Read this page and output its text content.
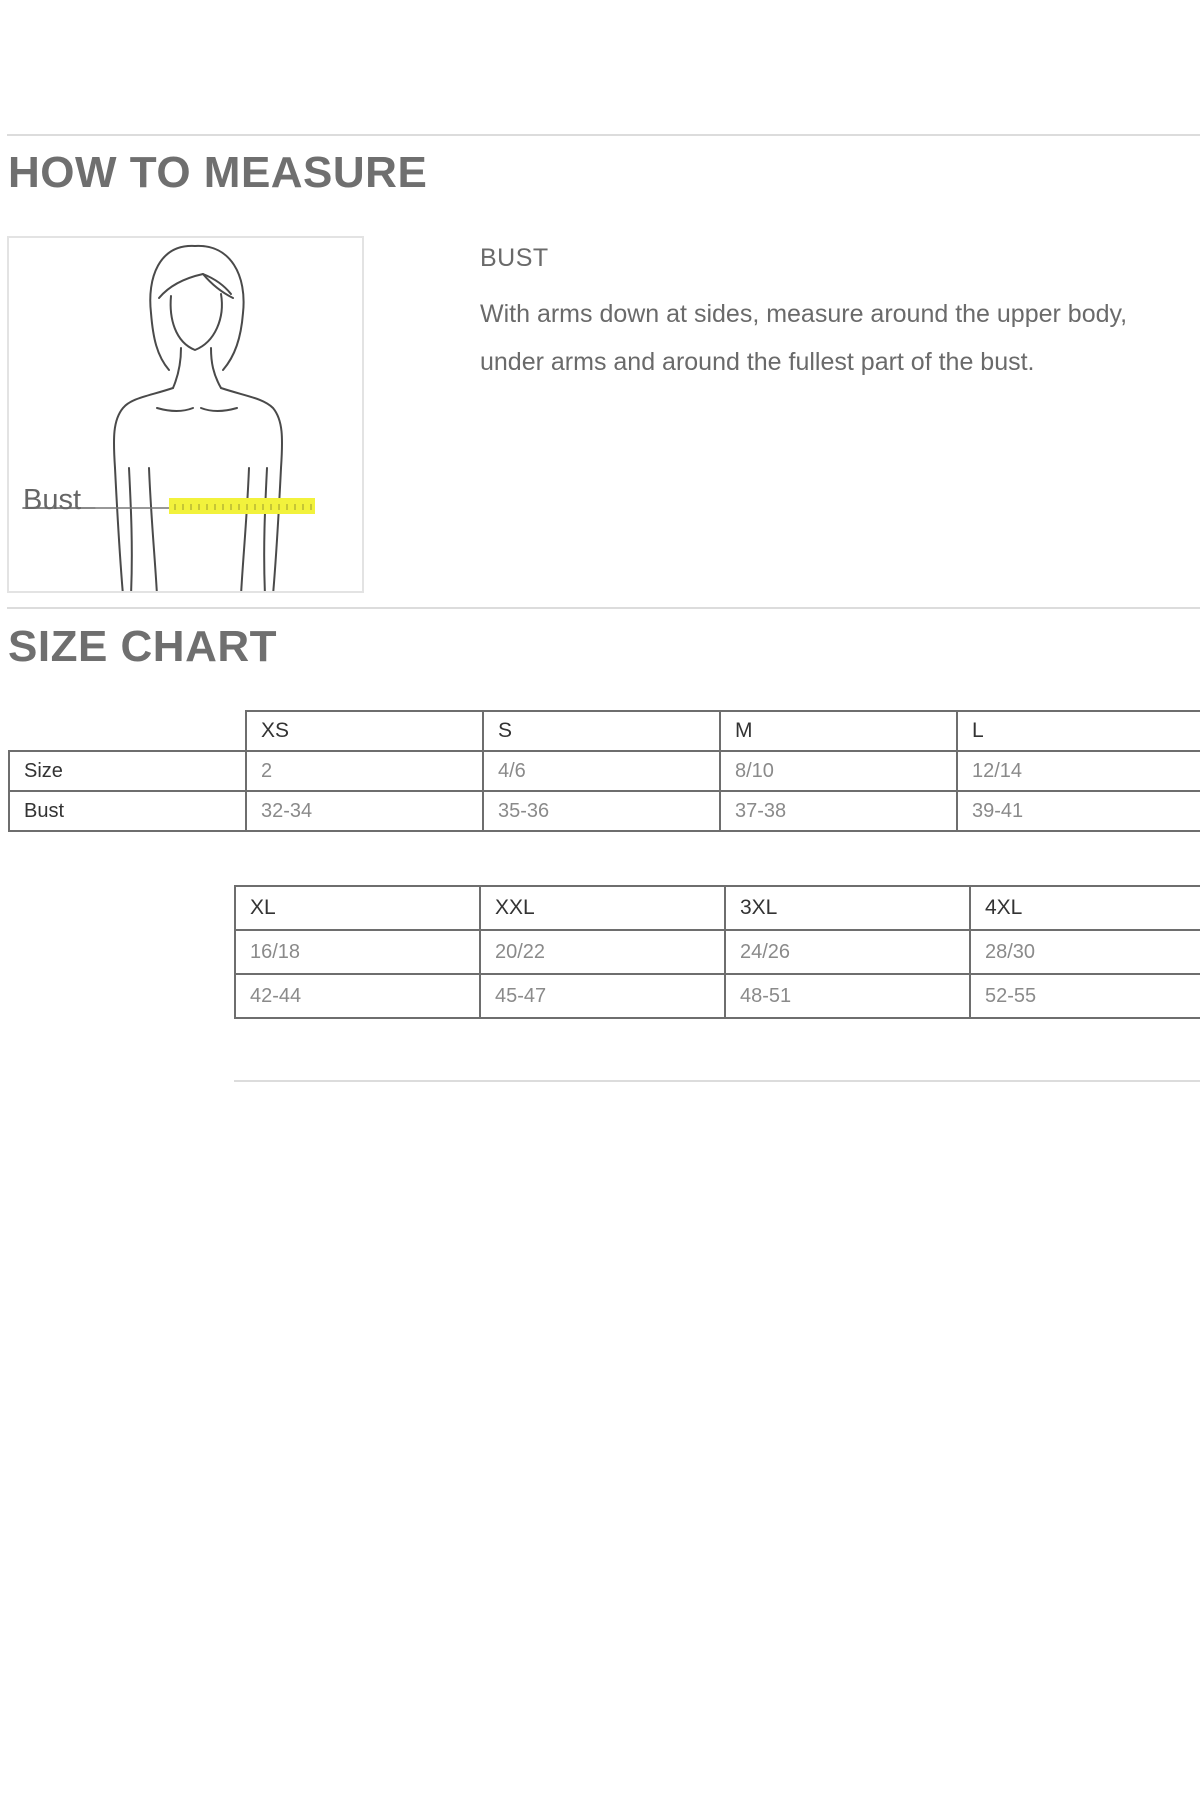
HOW TO MEASURE
Bust
BUST
With arms down at sides, measure around the upper body, under arms and around the fullest part of the bust.
SIZE CHART
	XS	S	M	L
Size	2	4/6	8/10	12/14
Bust	32-34	35-36	37-38	39-41
XL	XXL	3XL	4XL
16/18	20/22	24/26	28/30
42-44	45-47	48-51	52-55
